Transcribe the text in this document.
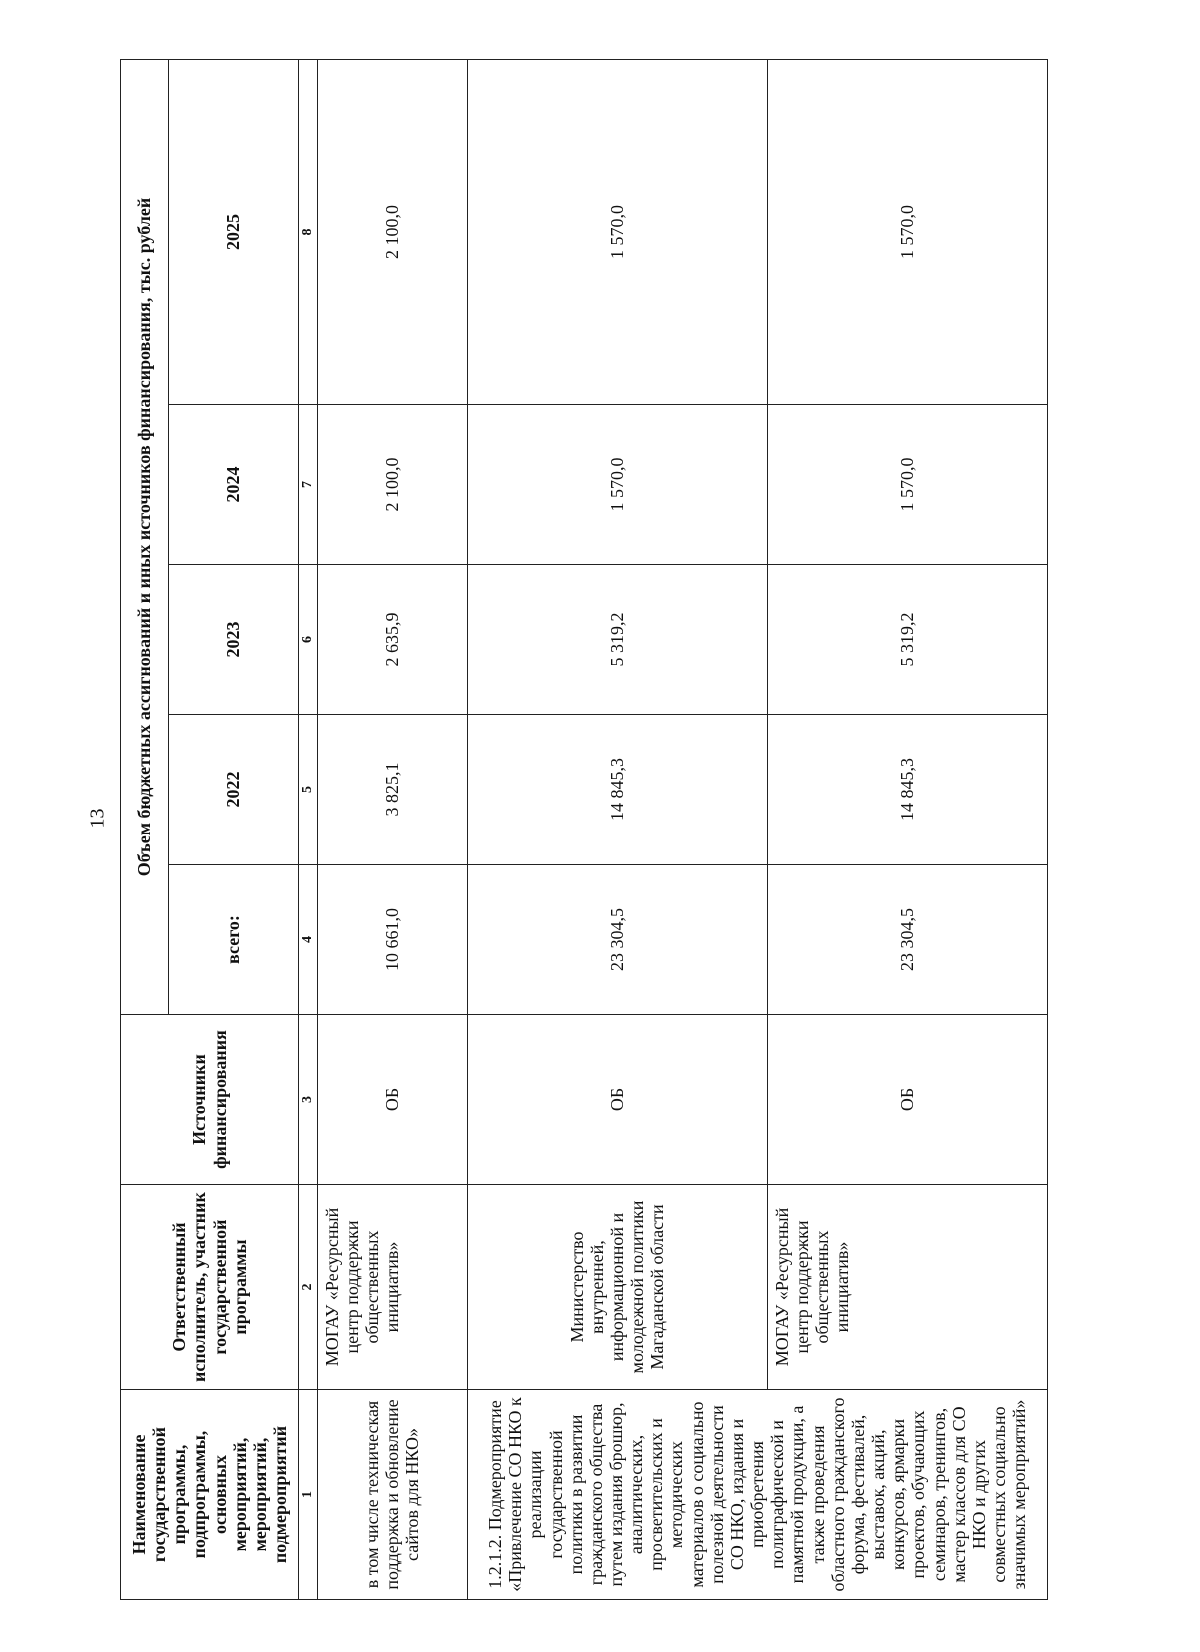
13
Наименование государственной программы, подпрограммы, основных мероприятий, мероприятий, подмероприятий	Ответственный исполнитель, участник государственной программы	Источники финансирования	Объем бюджетных ассигнований и иных источников финансирования, тыс. рублей				
			всего:	2022	2023	2024	2025
1	2	3	4	5	6	7	8
в том числе техническая поддержка и обновление сайтов для НКО»	МОГАУ «Ресурсный центр поддержки общественных инициатив»	ОБ	10 661,0	3 825,1	2 635,9	2 100,0	2 100,0
1.2.1.2. Подмероприятие «Привлечение СО НКО к реализации государственной политики в развитии гражданского общества путем издания брошюр, аналитических, просветительских и методических материалов о социально полезной деятельности СО НКО, издания и приобретения полиграфической и памятной продукции, а также проведения областного гражданского форума, фестивалей, выставок, акций, конкурсов, ярмарки проектов, обучающих семинаров, тренингов, мастер классов для СО НКО и других совместных социально значимых мероприятий»	Министерство внутренней, информационной и молодежной политики Магаданской области	ОБ	23 304,5	14 845,3	5 319,2	1 570,0	1 570,0
	МОГАУ «Ресурсный центр поддержки общественных инициатив»	ОБ	23 304,5	14 845,3	5 319,2	1 570,0	1 570,0
